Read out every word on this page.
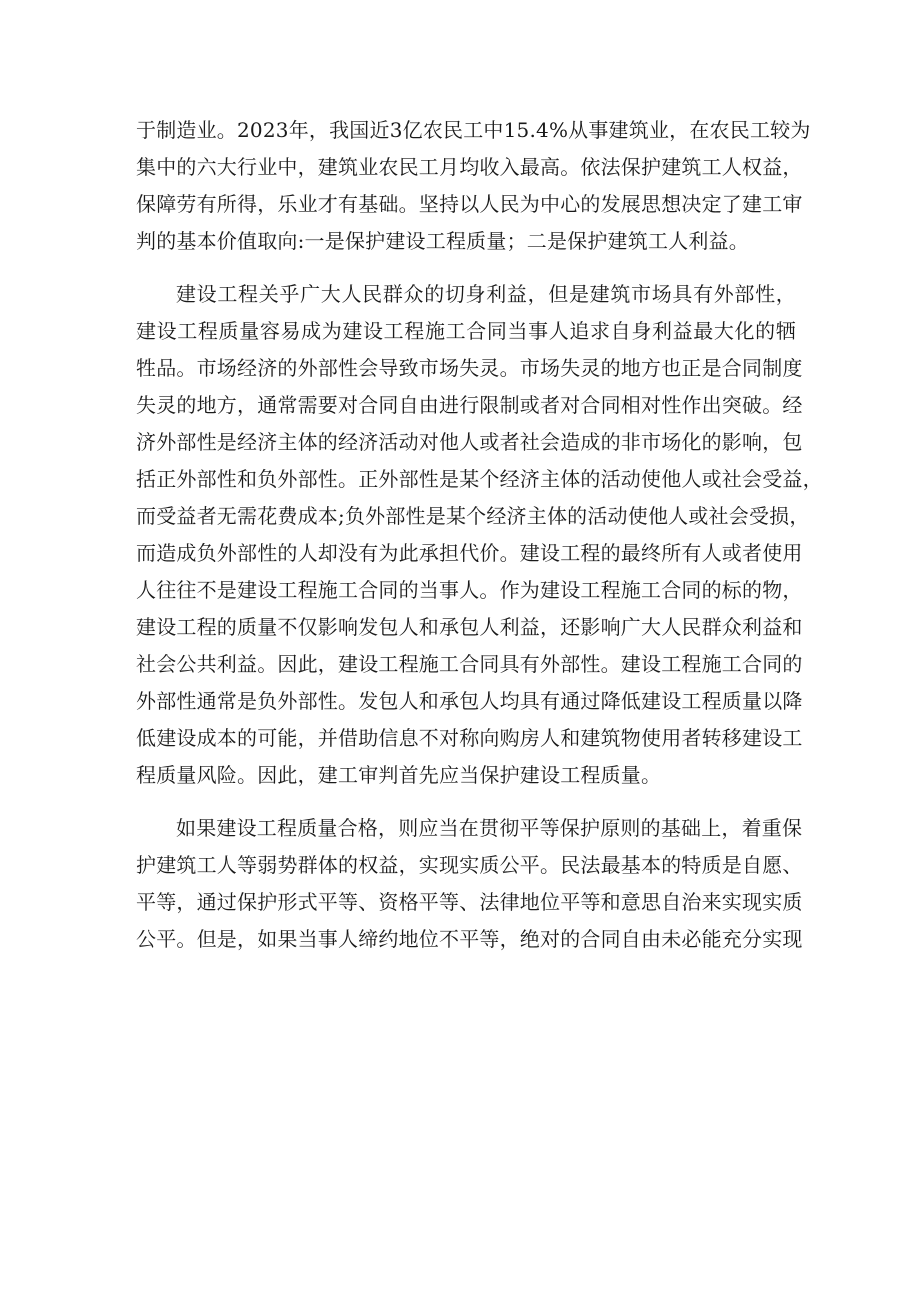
于制造业。2023年，我国近3亿农民工中15.4%从事建筑业，在农民工较为
集中的六大行业中，建筑业农民工月均收入最高。依法保护建筑工人权益，
保障劳有所得，乐业才有基础。坚持以人民为中心的发展思想决定了建工审
判的基本价值取向:一是保护建设工程质量；二是保护建筑工人利益。
建设工程关乎广大人民群众的切身利益，但是建筑市场具有外部性，
建设工程质量容易成为建设工程施工合同当事人追求自身利益最大化的牺
牲品。市场经济的外部性会导致市场失灵。市场失灵的地方也正是合同制度
失灵的地方，通常需要对合同自由进行限制或者对合同相对性作出突破。经
济外部性是经济主体的经济活动对他人或者社会造成的非市场化的影响，包
括正外部性和负外部性。正外部性是某个经济主体的活动使他人或社会受益，
而受益者无需花费成本;负外部性是某个经济主体的活动使他人或社会受损，
而造成负外部性的人却没有为此承担代价。建设工程的最终所有人或者使用
人往往不是建设工程施工合同的当事人。作为建设工程施工合同的标的物，
建设工程的质量不仅影响发包人和承包人利益，还影响广大人民群众利益和
社会公共利益。因此，建设工程施工合同具有外部性。建设工程施工合同的
外部性通常是负外部性。发包人和承包人均具有通过降低建设工程质量以降
低建设成本的可能，并借助信息不对称向购房人和建筑物使用者转移建设工
程质量风险。因此，建工审判首先应当保护建设工程质量。
如果建设工程质量合格，则应当在贯彻平等保护原则的基础上，着重保
护建筑工人等弱势群体的权益，实现实质公平。民法最基本的特质是自愿、
平等，通过保护形式平等、资格平等、法律地位平等和意思自治来实现实质
公平。但是，如果当事人缔约地位不平等，绝对的合同自由未必能充分实现
